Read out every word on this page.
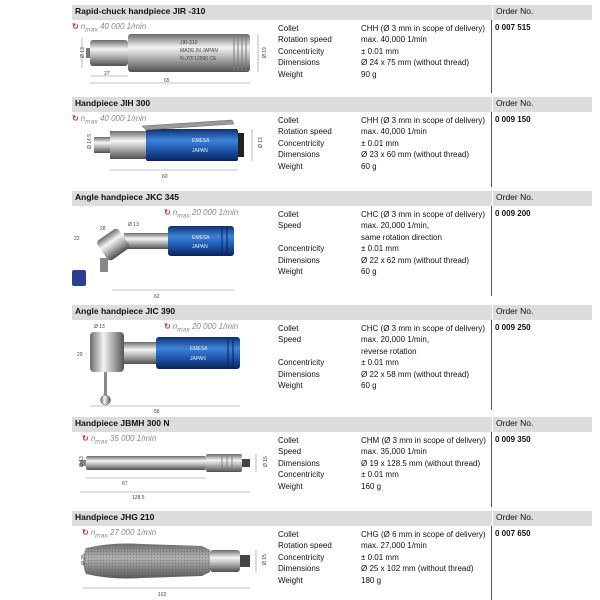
Rapid-chuck handpiece JIR -310	Order No.
↻ $n_{max}$ 40 000 1/min
JIR-310
MADE IN JAPAN
N-JYF12996 CE
Ø 13	Ø 19
27
65
Collet	CHH (Ø 3 mm in scope of delivery)
Rotation speed	max. 40,000 1/min
Concentricity	± 0.01 mm
Dimensions	Ø 24 x 75 mm (without thread)
Weight	90 g
0 007 515
Handpiece JIH 300	Order No.
↻ $n_{max}$ 40 000 1/min
EMESA
JAPAN
Ø 14.5	Ø 13
60
Collet	CHH (Ø 3 mm in scope of delivery)
Rotation speed	max. 40,000 1/min
Concentricity	± 0.01 mm
Dimensions	Ø 23 x 60 mm (without thread)
Weight	60 g
0 009 150
Angle handpiece JKC 345	Order No.
↻ $n_{max}$ 20 000 1/min
EMESA
JAPAN
22
Ø 13
28
62
Collet	CHC (Ø 3 mm in scope of delivery)
Speed	max. 20,000 1/min,
same rotation direction
Concentricity	± 0.01 mm
Dimensions	Ø 22 x 62 mm (without thread)
Weight	60 g
0 009 200
Angle handpiece JIC 390	Order No.
↻ $n_{max}$ 20 000 1/min
EMESA
JAPAN
Ø 13
29
58
Collet	CHC (Ø 3 mm in scope of delivery)
Speed	max. 20,000 1/min,
reverse rotation
Concentricity	± 0.01 mm
Dimensions	Ø 22 x 58 mm (without thread)
Weight	60 g
0 009 250
Handpiece JBMH 300 N	Order No.
↻ $n_{max}$ 35 000 1/min
Ø 13	Ø 15
67
128.5
Collet	CHM (Ø 3 mm in scope of delivery)
Speed	max. 35,000 1/min
Dimensions	Ø 19 x 128.5 mm (without thread)
Concentricity	± 0.01 mm
Weight	160 g
0 009 350
Handpiece JHG 210	Order No.
↻ $n_{max}$ 27 000 1/min
Ø 25	Ø 15
102
Collet	CHG (Ø 6 mm in scope of delivery)
Rotation speed	max. 27,000 1/min
Concentricity	± 0.01 mm
Dimensions	Ø 25 x 102 mm (without thread)
Weight	180 g
0 007 650
